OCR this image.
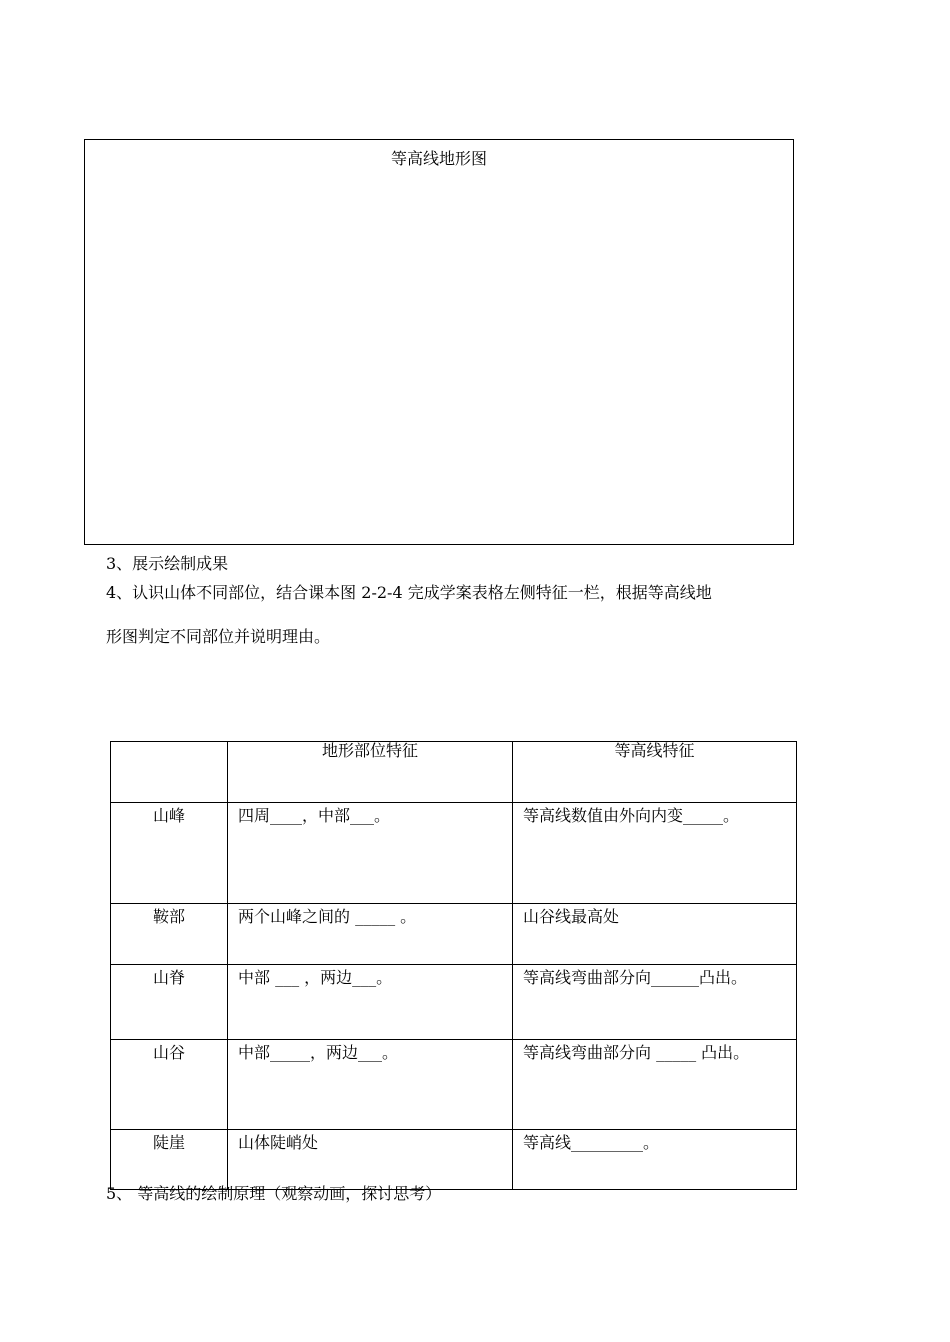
等高线地形图
3、展示绘制成果
4、认识山体不同部位，结合课本图 2-2-4 完成学案表格左侧特征一栏，根据等高线地
形图判定不同部位并说明理由。
	地形部位特征	等高线特征
山峰	四周____，中部___。	等高线数值由外向内变_____。
鞍部	两个山峰之间的 _____ 。	山谷线最高处
山脊	中部 ___ ，两边___。	等高线弯曲部分向______凸出。
山谷	中部_____，两边___。	等高线弯曲部分向 _____ 凸出。
陡崖	山体陡峭处	等高线_________。
5、 等高线的绘制原理（观察动画，探讨思考）
